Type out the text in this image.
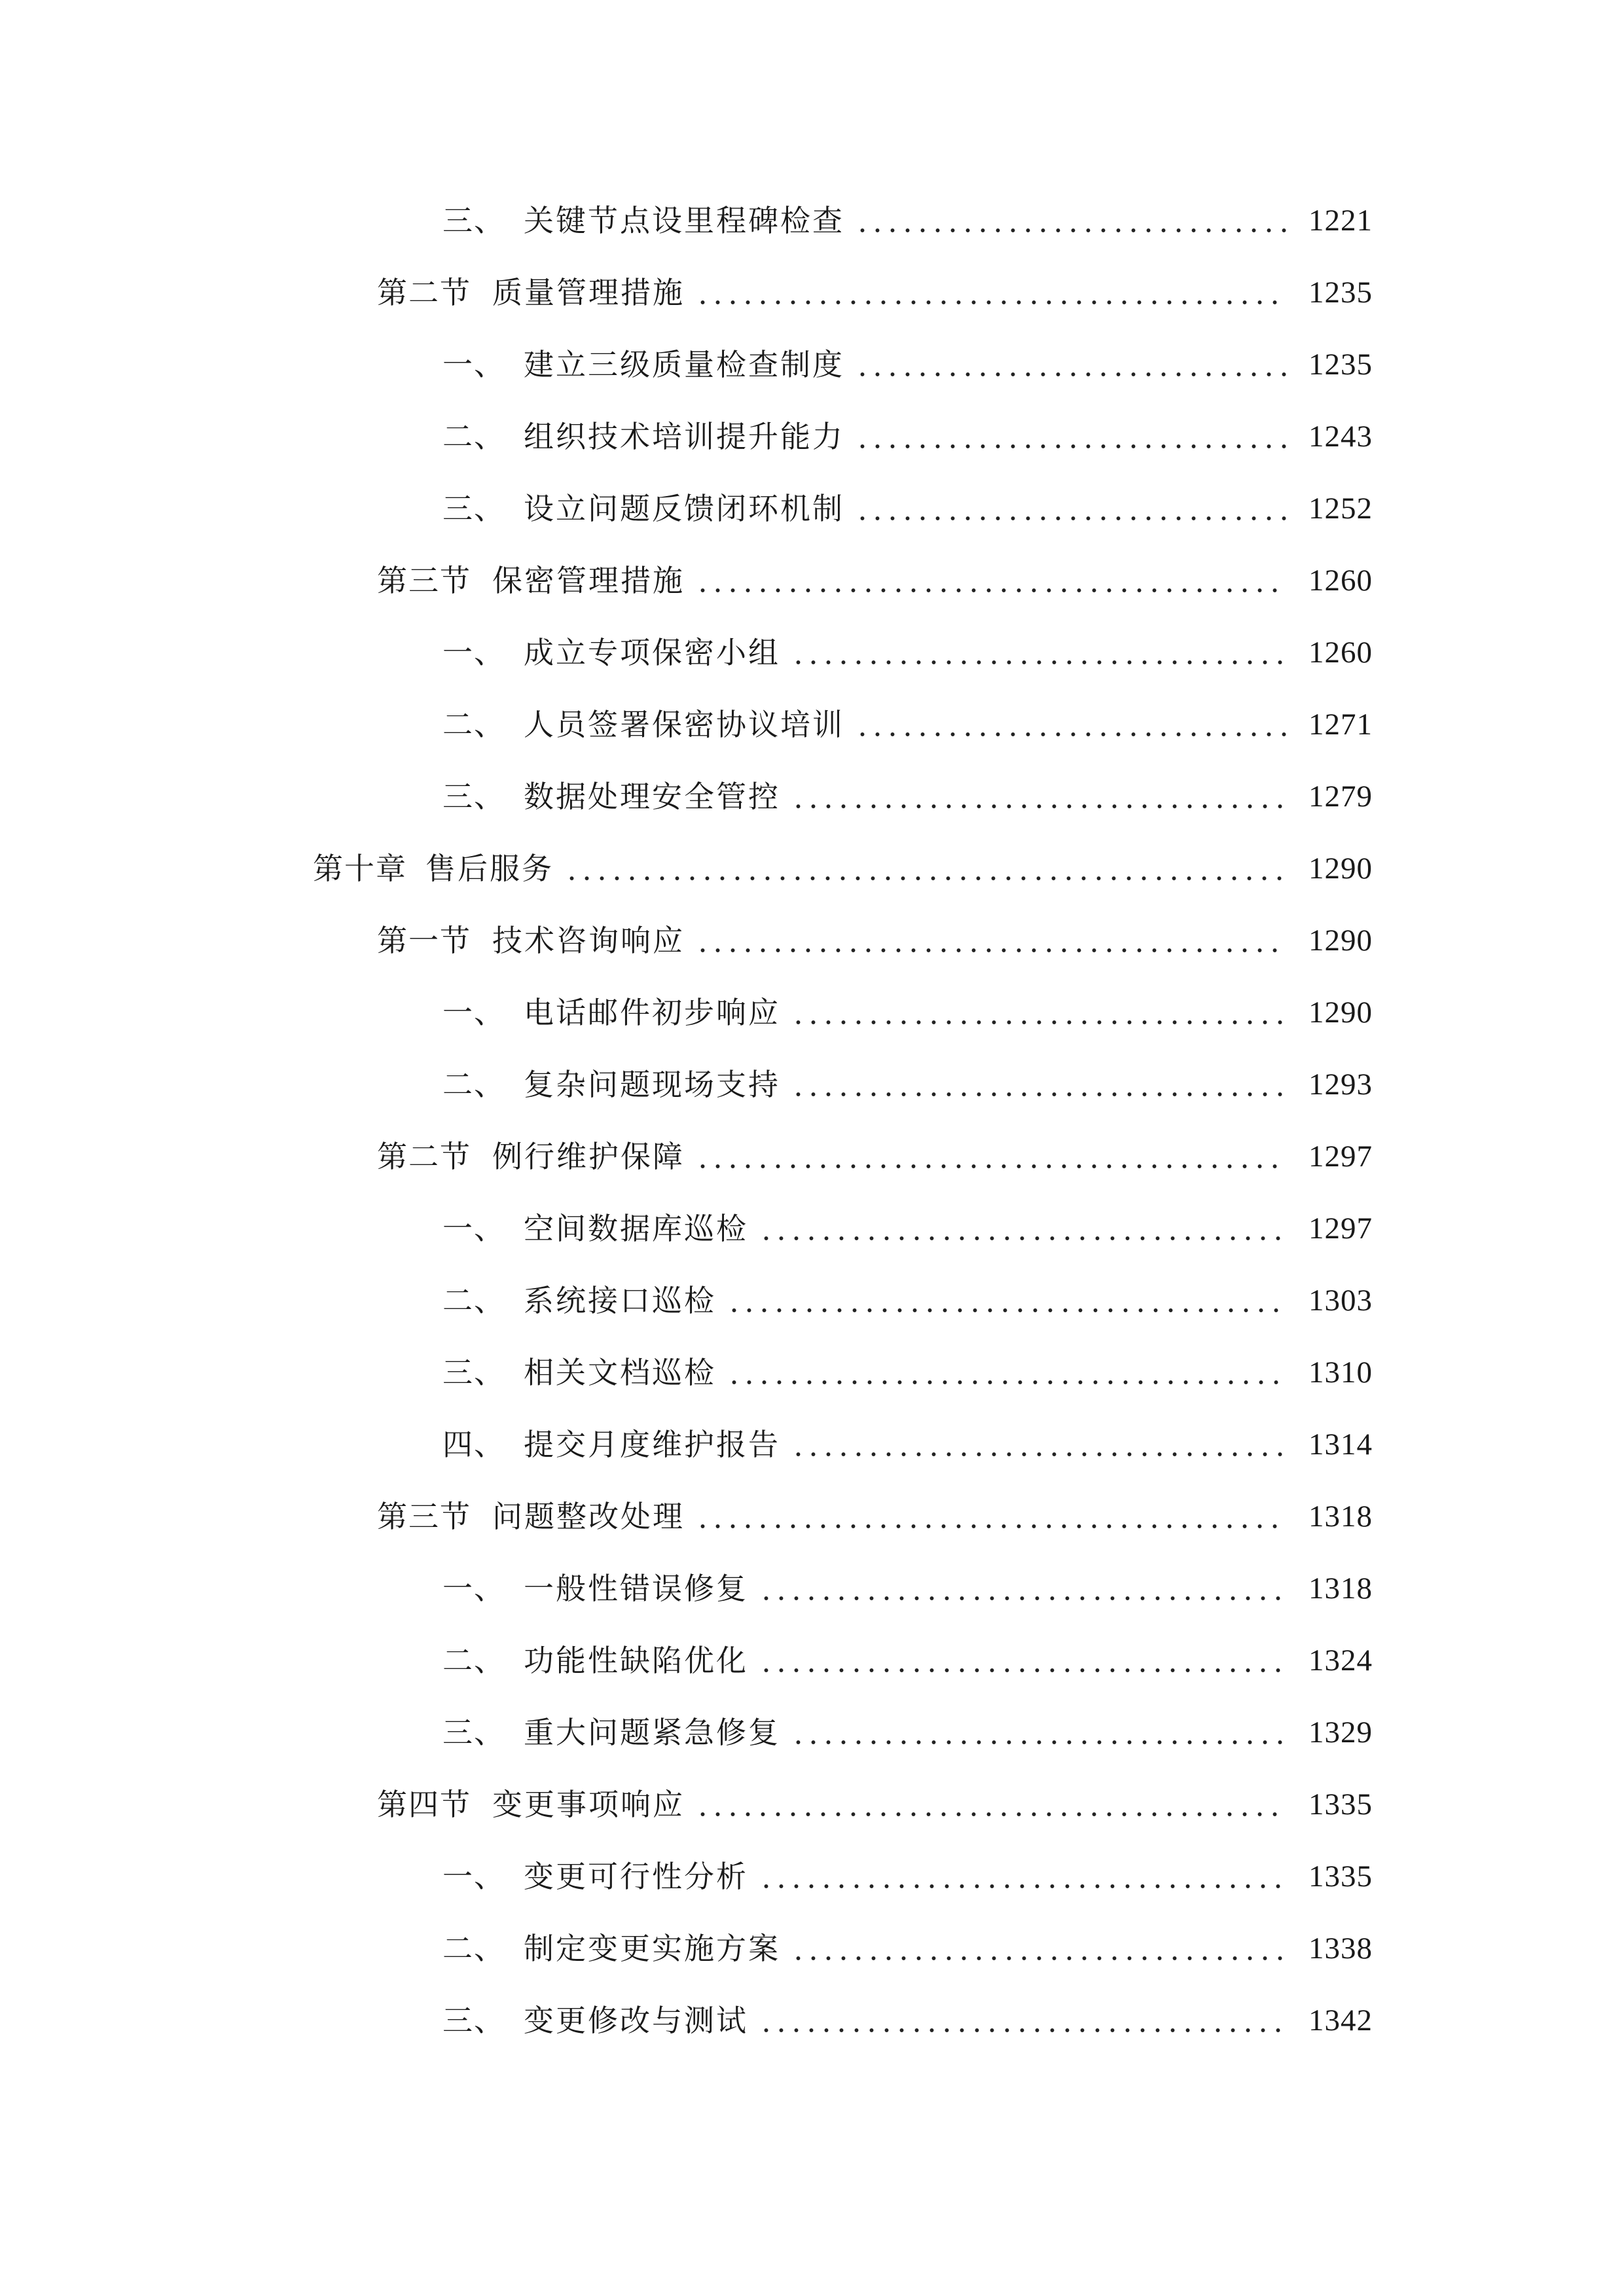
三、 关键节点设里程碑检查	1221
第二节 质量管理措施	1235
一、 建立三级质量检查制度	1235
二、 组织技术培训提升能力	1243
三、 设立问题反馈闭环机制	1252
第三节 保密管理措施	1260
一、 成立专项保密小组	1260
二、 人员签署保密协议培训	1271
三、 数据处理安全管控	1279
第十章 售后服务	1290
第一节 技术咨询响应	1290
一、 电话邮件初步响应	1290
二、 复杂问题现场支持	1293
第二节 例行维护保障	1297
一、 空间数据库巡检	1297
二、 系统接口巡检	1303
三、 相关文档巡检	1310
四、 提交月度维护报告	1314
第三节 问题整改处理	1318
一、 一般性错误修复	1318
二、 功能性缺陷优化	1324
三、 重大问题紧急修复	1329
第四节 变更事项响应	1335
一、 变更可行性分析	1335
二、 制定变更实施方案	1338
三、 变更修改与测试	1342
